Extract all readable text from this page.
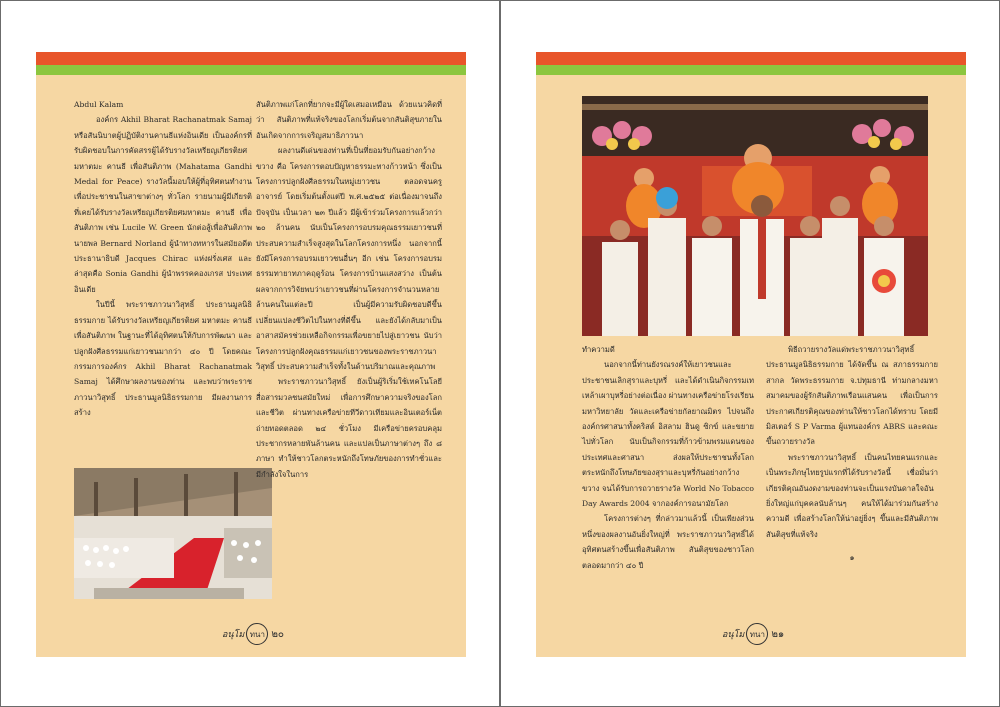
Abdul Kalam

องค์กร Akhil Bharat Rachanatmak Samaj หรือสันนิบาตผู้ปฏิบัติงานคานธีแห่งอินเดีย เป็นองค์กรที่รับผิดชอบในการคัดสรรผู้ได้รับรางวัลเหรียญเกียรติยศ มหาตมะ คานธี เพื่อสันติภาพ (Mahatama Gandhi Medal for Peace) รางวัลนี้มอบให้ผู้ที่อุทิศตนทำงานเพื่อประชาชนในสาขาต่างๆ ทั่วโลก รายนามผู้มีเกียรติที่เคยได้รับรางวัลเหรียญเกียรติยศมหาตมะ คานธี เพื่อสันติภาพ เช่น Lucile W. Green นักต่อสู้เพื่อสันติภาพ นายพล Bernard Norland ผู้นำทางทหารในสมัยอดีตประธานาธิบดี Jacques Chirac แห่งฝรั่งเศส และล่าสุดคือ Sonia Gandhi ผู้นำพรรคคองเกรส ประเทศอินเดีย

ในปีนี้ พระราชภาวนาวิสุทธิ์ ประธานมูลนิธิธรรมกาย ได้รับรางวัลเหรียญเกียรติยศ มหาตมะ คานธี เพื่อสันติภาพ ในฐานะที่ได้อุทิศตนให้กับการพัฒนา และปลูกฝังศีลธรรมแก่เยาวชนมากว่า ๔๐ ปี โดยคณะกรรมการองค์กร Akhil Bharat Rachanatmak Samaj ได้ศึกษาผลงานของท่าน และพบว่าพระราชภาวนาวิสุทธิ์ ประธานมูลนิธิธรรมกาย มีผลงานการสร้าง

สันติภาพแก่โลกที่ยากจะมีผู้ใดเสมอเหมือน ด้วยแนวคิดที่ว่า สันติภาพที่แท้จริงของโลกเริ่มต้นจากสันติสุขภายใน อันเกิดจากการเจริญสมาธิภาวนา

ผลงานดีเด่นของท่านที่เป็นที่ยอมรับกันอย่างกว้างขวาง คือ โครงการตอบปัญหาธรรมะทางก้าวหน้า ซึ่งเป็นโครงการปลูกฝังศีลธรรมในหมู่เยาวชน ตลอดจนครูอาจารย์ โดยเริ่มต้นตั้งแต่ปี พ.ศ.๒๕๒๕ ต่อเนื่องมาจนถึงปัจจุบัน เป็นเวลา ๒๓ ปีแล้ว มีผู้เข้าร่วมโครงการแล้วกว่า ๒๐ ล้านคน นับเป็นโครงการอบรมคุณธรรมเยาวชนที่ประสบความสำเร็จสูงสุดในโลกโครงการหนึ่ง นอกจากนี้ยังมีโครงการอบรมเยาวชนอื่นๆ อีก เช่น โครงการอบรมธรรมทายาทภาคฤดูร้อน โครงการบ้านแสงสว่าง เป็นต้น ผลจากการวิจัยพบว่าเยาวชนที่ผ่านโครงการจำนวนหลายล้านคนในแต่ละปี เป็นผู้มีความรับผิดชอบดีขึ้น เปลี่ยนแปลงชีวิตไปในทางที่ดีขึ้น และยังได้กลับมาเป็นอาสาสมัครช่วยเหลือกิจกรรมเพื่อขยายไปสู่เยาวชน นับว่าโครงการปลูกฝังคุณธรรมแก่เยาวชนของพระราชภาวนาวิสุทธิ์ ประสบความสำเร็จทั้งในด้านปริมาณและคุณภาพ

พระราชภาวนาวิสุทธิ์ ยังเป็นผู้ริเริ่มใช้เทคโนโลยีสื่อสารมวลชนสมัยใหม่ เพื่อการศึกษาความจริงของโลกและชีวิต ผ่านทางเครือข่ายทีวีดาวเทียมและอินเตอร์เน็ต ถ่ายทอดตลอด ๒๔ ชั่วโมง มีเครือข่ายครอบคลุมประชากรหลายพันล้านคน และแปลเป็นภาษาต่างๆ ถึง ๘ ภาษา ทำให้ชาวโลกตระหนักถึงโทษภัยของการทำชั่วและมีกำลังใจในการ

อนุโม ทนา ๒๐

ทำความดี

นอกจากนี้ท่านยังรณรงค์ให้เยาวชนและประชาชนเลิกสุราและบุหรี่ และได้ดำเนินกิจกรรมเทเหล้าเผาบุหรี่อย่างต่อเนื่อง ผ่านทางเครือข่ายโรงเรียน มหาวิทยาลัย วัดและเครือข่ายกัลยาณมิตร ไปจนถึงองค์กรศาสนาทั้งคริสต์ อิสลาม ฮินดู ซิกข์ และขยายไปทั่วโลก นับเป็นกิจกรรมที่ก้าวข้ามพรมแดนของประเทศและศาสนา ส่งผลให้ประชาชนทั้งโลกตระหนักถึงโทษภัยของสุราและบุหรี่กันอย่างกว้างขวาง จนได้รับการถวายรางวัล World No Tobacco Day Awards 2004 จากองค์การอนามัยโลก

โครงการต่างๆ ที่กล่าวมาแล้วนี้ เป็นเพียงส่วนหนึ่งของผลงานอันยิ่งใหญ่ที่ พระราชภาวนาวิสุทธิ์ได้อุทิศตนสร้างขึ้นเพื่อสันติภาพ สันติสุขของชาวโลกตลอดมากว่า ๔๐ ปี

พิธีถวายรางวัลแด่พระราชภาวนาวิสุทธิ์ ประธานมูลนิธิธรรมกาย ได้จัดขึ้น ณ สภาธรรมกายสากล วัดพระธรรมกาย จ.ปทุมธานี ท่ามกลางมหาสมาคมของผู้รักสันติภาพเรือนแสนคน เพื่อเป็นการประกาศเกียรติคุณของท่านให้ชาวโลกได้ทราบ โดยมีมิสเตอร์ S P Varma ผู้แทนองค์กร ABRS และคณะขึ้นถวายรางวัล

พระราชภาวนาวิสุทธิ์ เป็นคนไทยคนแรกและเป็นพระภิกษุไทยรูปแรกที่ได้รับรางวัลนี้ เชื่อมั่นว่า เกียรติคุณอันงดงามของท่านจะเป็นแรงบันดาลใจอันยิ่งใหญ่แก่บุคคลนับล้านๆ คนให้ได้มาร่วมกันสร้างความดี เพื่อสร้างโลกให้น่าอยู่ยิ่งๆ ขึ้นและมีสันติภาพ สันติสุขที่แท้จริง

๑

อนุโม ทนา ๒๑
